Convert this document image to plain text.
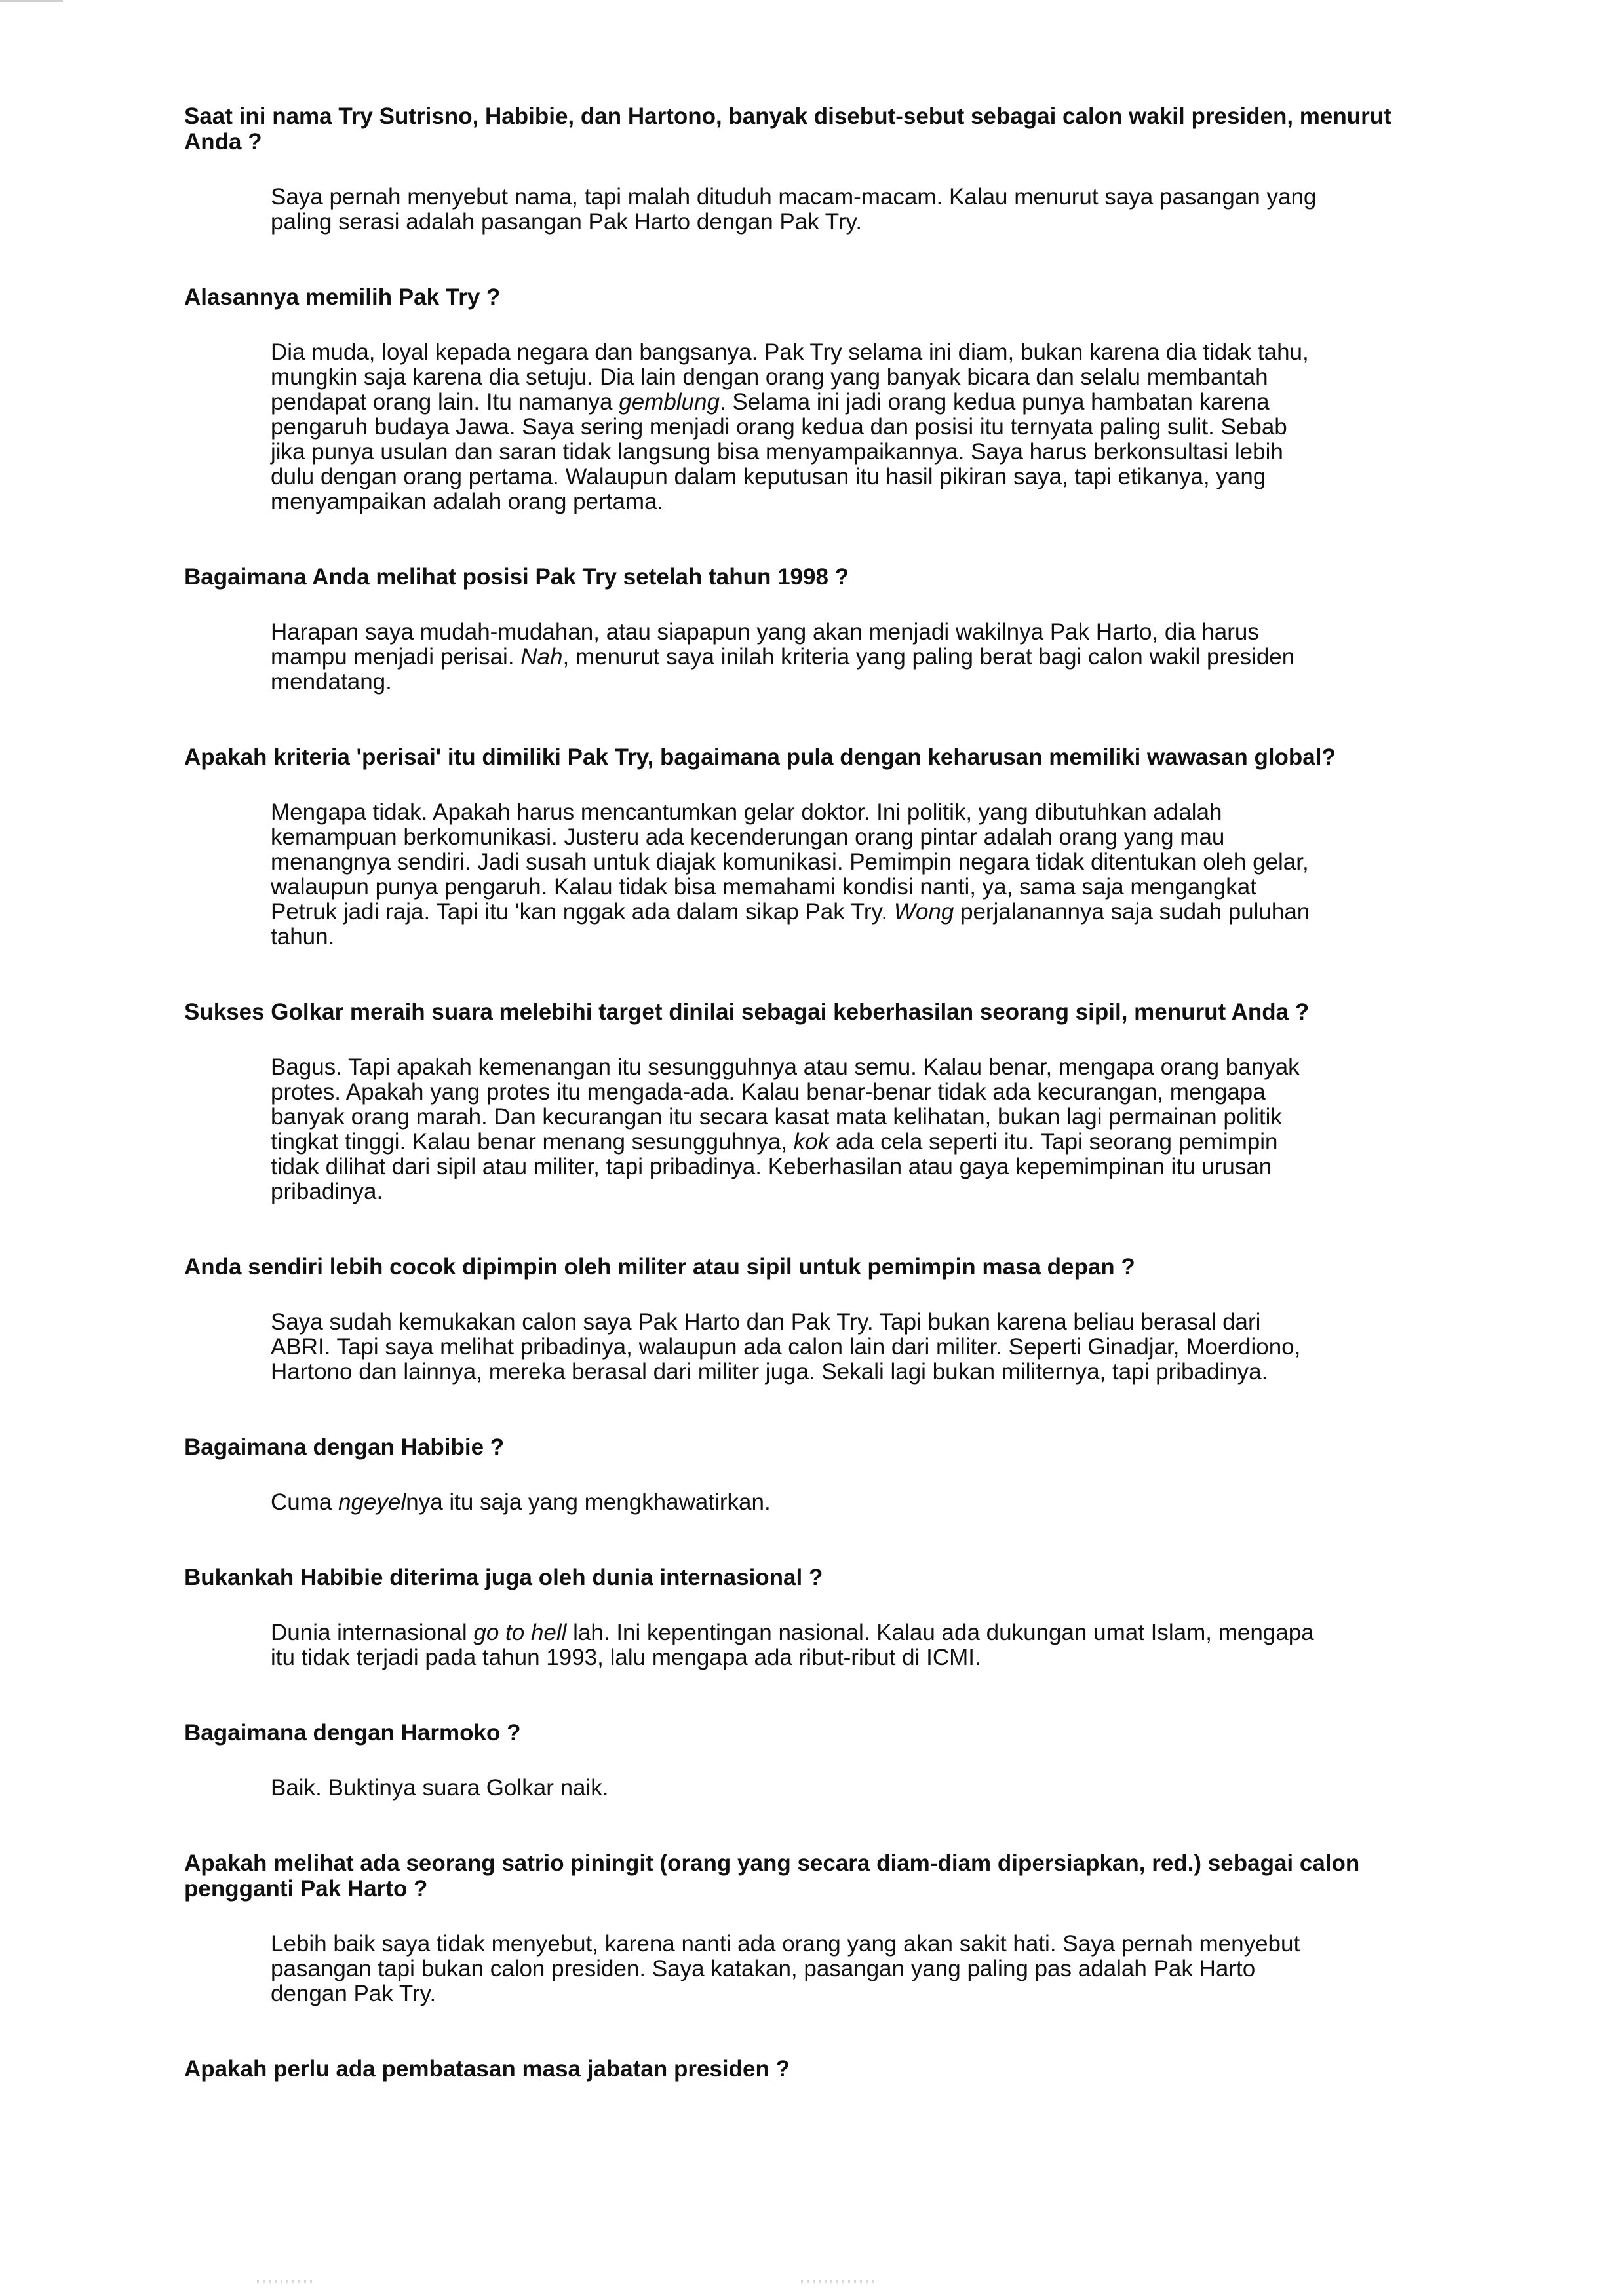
Saat ini nama Try Sutrisno, Habibie, dan Hartono, banyak disebut-sebut sebagai calon wakil presiden, menurut Anda ?

Saya pernah menyebut nama, tapi malah dituduh macam-macam. Kalau menurut saya pasangan yang paling serasi adalah pasangan Pak Harto dengan Pak Try.

Alasannya memilih Pak Try ?

Dia muda, loyal kepada negara dan bangsanya. Pak Try selama ini diam, bukan karena dia tidak tahu, mungkin saja karena dia setuju. Dia lain dengan orang yang banyak bicara dan selalu membantah pendapat orang lain. Itu namanya gemblung. Selama ini jadi orang kedua punya hambatan karena pengaruh budaya Jawa. Saya sering menjadi orang kedua dan posisi itu ternyata paling sulit. Sebab jika punya usulan dan saran tidak langsung bisa menyampaikannya. Saya harus berkonsultasi lebih dulu dengan orang pertama. Walaupun dalam keputusan itu hasil pikiran saya, tapi etikanya, yang menyampaikan adalah orang pertama.

Bagaimana Anda melihat posisi Pak Try setelah tahun 1998 ?

Harapan saya mudah-mudahan, atau siapapun yang akan menjadi wakilnya Pak Harto, dia harus mampu menjadi perisai. Nah, menurut saya inilah kriteria yang paling berat bagi calon wakil presiden mendatang.

Apakah kriteria 'perisai' itu dimiliki Pak Try, bagaimana pula dengan keharusan memiliki wawasan global?

Mengapa tidak. Apakah harus mencantumkan gelar doktor. Ini politik, yang dibutuhkan adalah kemampuan berkomunikasi. Justeru ada kecenderungan orang pintar adalah orang yang mau menangnya sendiri. Jadi susah untuk diajak komunikasi. Pemimpin negara tidak ditentukan oleh gelar, walaupun punya pengaruh. Kalau tidak bisa memahami kondisi nanti, ya, sama saja mengangkat Petruk jadi raja. Tapi itu 'kan nggak ada dalam sikap Pak Try. Wong perjalanannya saja sudah puluhan tahun.

Sukses Golkar meraih suara melebihi target dinilai sebagai keberhasilan seorang sipil, menurut Anda ?

Bagus. Tapi apakah kemenangan itu sesungguhnya atau semu. Kalau benar, mengapa orang banyak protes. Apakah yang protes itu mengada-ada. Kalau benar-benar tidak ada kecurangan, mengapa banyak orang marah. Dan kecurangan itu secara kasat mata kelihatan, bukan lagi permainan politik tingkat tinggi. Kalau benar menang sesungguhnya, kok ada cela seperti itu. Tapi seorang pemimpin tidak dilihat dari sipil atau militer, tapi pribadinya. Keberhasilan atau gaya kepemimpinan itu urusan pribadinya.

Anda sendiri lebih cocok dipimpin oleh militer atau sipil untuk pemimpin masa depan ?

Saya sudah kemukakan calon saya Pak Harto dan Pak Try. Tapi bukan karena beliau berasal dari ABRI. Tapi saya melihat pribadinya, walaupun ada calon lain dari militer. Seperti Ginadjar, Moerdiono, Hartono dan lainnya, mereka berasal dari militer juga. Sekali lagi bukan militernya, tapi pribadinya.

Bagaimana dengan Habibie ?

Cuma ngeyelnya itu saja yang mengkhawatirkan.

Bukankah Habibie diterima juga oleh dunia internasional ?

Dunia internasional go to hell lah. Ini kepentingan nasional. Kalau ada dukungan umat Islam, mengapa itu tidak terjadi pada tahun 1993, lalu mengapa ada ribut-ribut di ICMI.

Bagaimana dengan Harmoko ?

Baik. Buktinya suara Golkar naik.

Apakah melihat ada seorang satrio piningit (orang yang secara diam-diam dipersiapkan, red.) sebagai calon pengganti Pak Harto ?

Lebih baik saya tidak menyebut, karena nanti ada orang yang akan sakit hati. Saya pernah menyebut pasangan tapi bukan calon presiden. Saya katakan, pasangan yang paling pas adalah Pak Harto dengan Pak Try.

Apakah perlu ada pembatasan masa jabatan presiden ?
